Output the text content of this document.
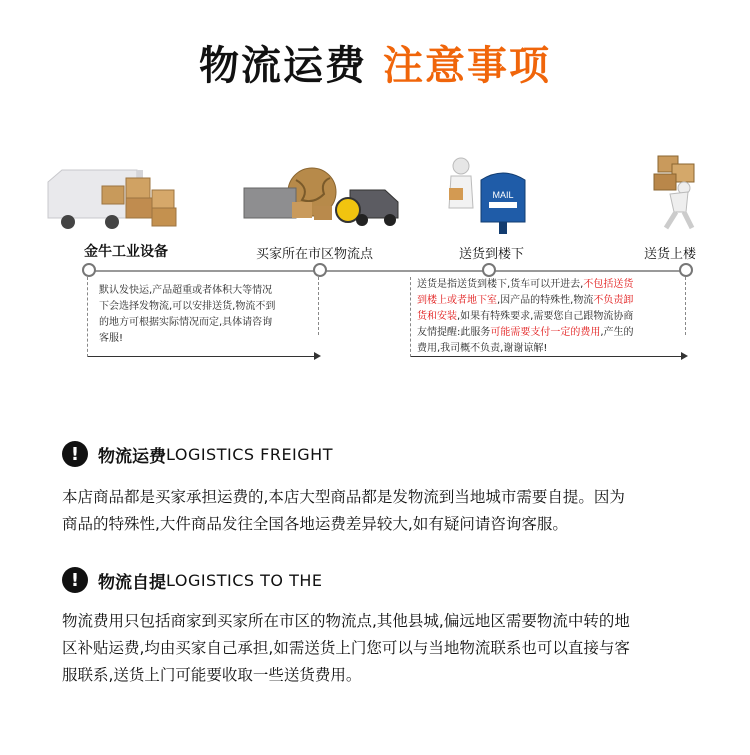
物流运费 注意事项
金牛工业设备	买家所在市区物流点
MAIL
送货到楼下	送货上楼
默认发快运,产品超重或者体积大等情况
下会选择发物流,可以安排送货,物流不到
的地方可根据实际情况而定,具体请咨询
客服!
送货是指送货到楼下,货车可以开进去,不包括送货
到楼上或者地下室,因产品的特殊性,物流不负责卸
货和安装,如果有特殊要求,需要您自己跟物流协商
友情提醒:此服务可能需要支付一定的费用,产生的
费用,我司概不负责,谢谢谅解!
!	物流运费 LOGISTICS FREIGHT
本店商品都是买家承担运费的,本店大型商品都是发物流到当地城市需要自提。因为
商品的特殊性,大件商品发往全国各地运费差异较大,如有疑问请咨询客服。
!	物流自提 LOGISTICS TO THE
物流费用只包括商家到买家所在市区的物流点,其他县城,偏远地区需要物流中转的地
区补贴运费,均由买家自己承担,如需送货上门您可以与当地物流联系也可以直接与客
服联系,送货上门可能要收取一些送货费用。
